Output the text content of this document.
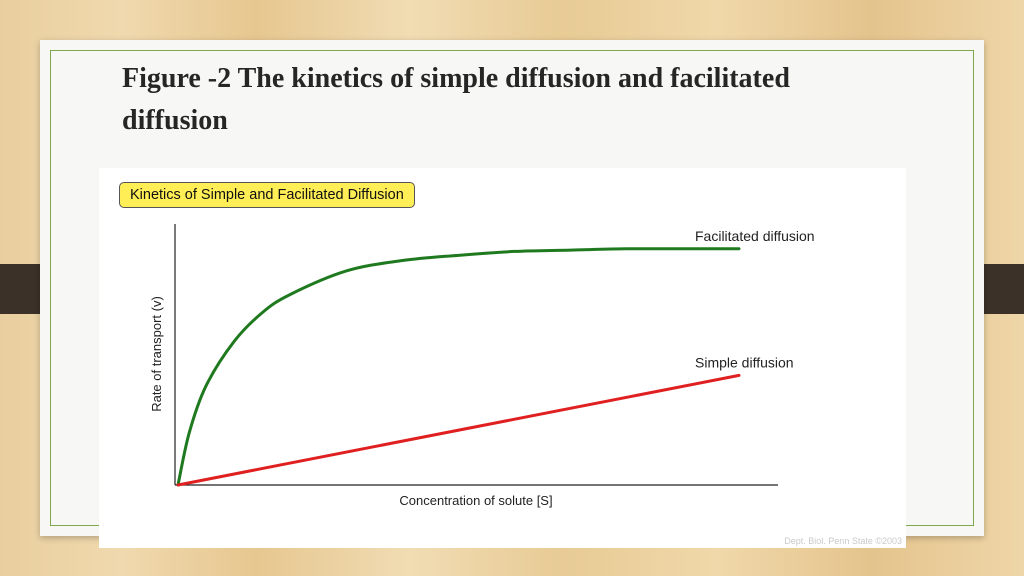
Figure -2 The kinetics of simple diffusion and facilitated diffusion
Kinetics of Simple and Facilitated Diffusion
Concentration of solute [S]
Rate of transport (v)
Facilitated diffusion
Simple diffusion
Dept. Biol. Penn State ©2003
